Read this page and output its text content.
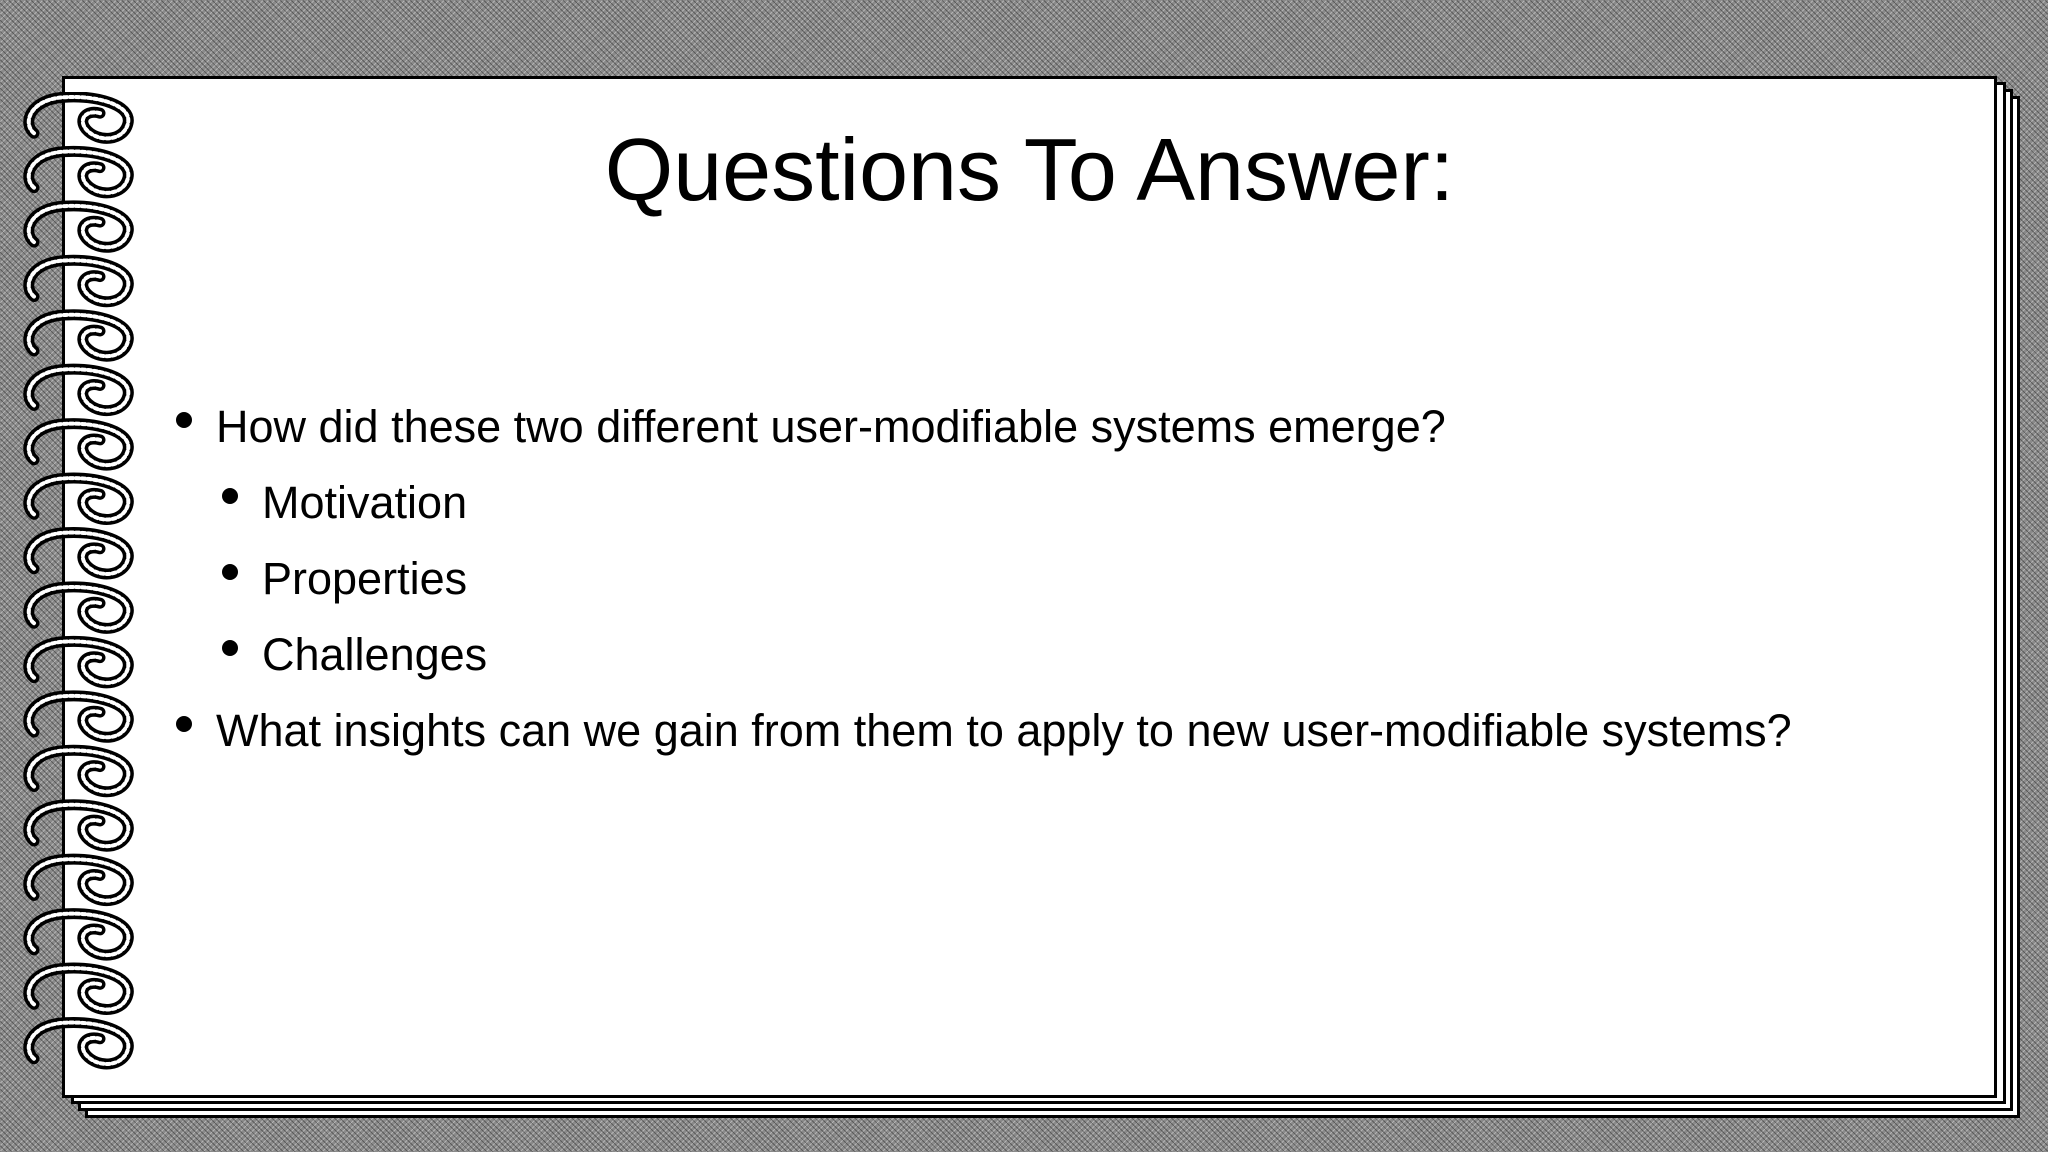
Questions To Answer:
How did these two different user-modifiable systems emerge?
Motivation
Properties
Challenges
What insights can we gain from them to apply to new user-modifiable systems?
